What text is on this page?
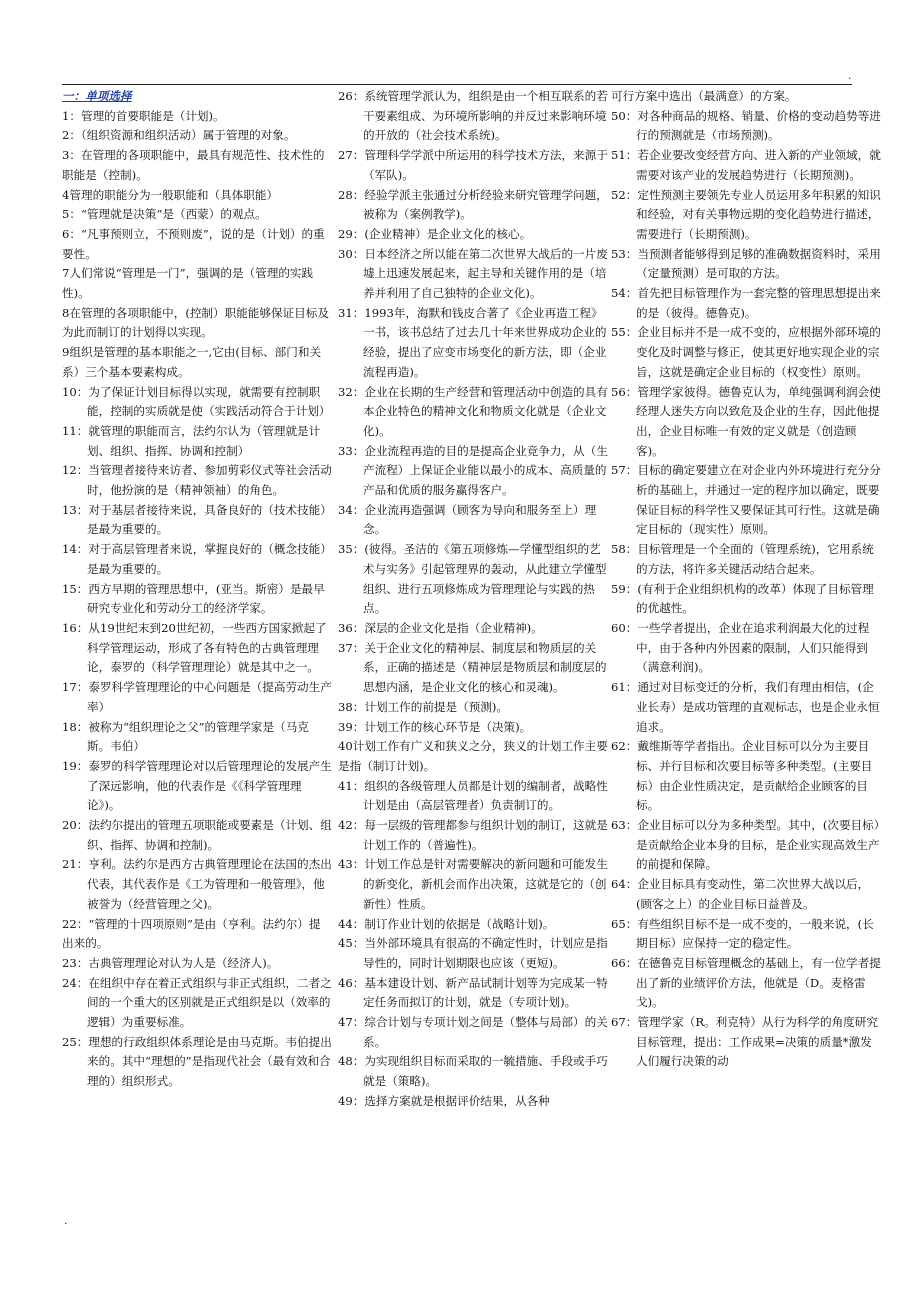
.
一：单项选择

1：管理的首要职能是（计划)。

2：（组织资源和组织活动）属于管理的对象。

3：在管理的各项职能中，最具有规范性、技术性的职能是（控制)。

4管理的职能分为一般职能和（具体职能）

5：“管理就是决策”是（西蒙）的观点。

6：“凡事预则立，不预则废”，说的是（计划）的重要性。

7人们常说“管理是一门”，强调的是（管理的实践性)。

8在管理的各项职能中，(控制）职能能够保证目标及为此而制订的计划得以实现。

9组织是管理的基本职能之一,它由(目标、部门和关系）三个基本要素构成。

10：为了保证计划目标得以实现，就需要有控制职能，控制的实质就是使（实践活动符合于计划）

11：就管理的职能而言，法约尔认为（管理就是计划、组织、指挥、协调和控制）

12：当管理者接待来访者、参加剪彩仪式等社会活动时，他扮演的是（精神领袖）的角色。

13：对于基层者接待来说，具备良好的（技术技能）是最为重要的。

14：对于高层管理者来说，掌握良好的（概念技能）是最为重要的。

15：西方早期的管理思想中，(亚当。斯密）是最早研究专业化和劳动分工的经济学家。

16：从19世纪末到20世纪初，一些西方国家掀起了科学管理运动，形成了各有特色的古典管理理论，泰罗的（科学管理理论）就是其中之一。

17：泰罗科学管理理论的中心问题是（提高劳动生产率）

18：被称为“组织理论之父”的管理学家是（马克斯。韦伯）

19：泰罗的科学管理理论对以后管理理论的发展产生了深远影响，他的代表作是《《科学管理理论》)。

20：法约尔提出的管理五项职能或要素是（计划、组织、指挥、协调和控制)。

21：亨利。法约尔是西方古典管理理论在法国的杰出代表，其代表作是《工为管理和一般管理》，他被誉为（经营管理之父)。

22：“管理的十四项原则”是由（亨利。法约尔）提出来的。

23：古典管理理论对认为人是（经济人)。

24：在组织中存在着正式组织与非正式组织，二者之间的一个重大的区别就是正式组织是以（效率的逻辑）为重要标准。

25：理想的行政组织体系理论是由马克斯。韦伯提出来的。其中“理想的”是指现代社会（最有效和合理的）组织形式。

26：系统管理学派认为，组织是由一个相互联系的若干要素组成、为环境所影响的并反过来影响环境的开放的（社会技术系统)。

27：管理科学学派中所运用的科学技术方法，来源于（军队)。

28：经验学派主张通过分析经验来研究管理学问题，被称为（案例教学)。

29：(企业精神）是企业文化的核心。

30：日本经济之所以能在第二次世界大战后的一片废墟上迅速发展起来，起主导和关键作用的是（培养并利用了自己独特的企业文化)。

31：1993年，海默和钱皮合著了《企业再造工程》一书，该书总结了过去几十年来世界成功企业的经验，提出了应变市场变化的新方法，即（企业流程再造)。

32：企业在长期的生产经营和管理活动中创造的具有本企业特色的精神文化和物质文化就是（企业文化)。

33：企业流程再造的目的是提高企业竞争力，从（生产流程）上保证企业能以最小的成本、高质量的产品和优质的服务赢得客户。

34：企业流再造强调（顾客为导向和服务至上）理念。

35：(彼得。圣洁的《第五项修炼—学懂型组织的艺术与实务》引起管理界的轰动，从此建立学懂型组织、进行五项修炼成为管理理论与实践的热点。

36：深层的企业文化是指（企业精神)。

37：关于企业文化的精神层、制度层和物质层的关系，正确的描述是（精神层是物质层和制度层的思想内涵，是企业文化的核心和灵魂)。

38：计划工作的前提是（预测)。

39：计划工作的核心环节是（决策)。

40计划工作有广义和狭义之分，狭义的计划工作主要是指（制订计划)。

41：组织的各级管理人员都是计划的编制者，战略性计划是由（高层管理者）负责制订的。

42：每一层级的管理都参与组织计划的制订，这就是计划工作的（普遍性)。

43：计划工作总是针对需要解决的新问题和可能发生的新变化，新机会而作出决策，这就是它的（创新性）性质。

44：制订作业计划的依据是（战略计划)。

45：当外部环境具有很高的不确定性时，计划应是指导性的，同时计划期限也应该（更短)。

46：基本建设计划、新产品试制计划等为完成某一特定任务而拟订的计划，就是（专项计划)。

47：综合计划与专项计划之间是（整体与局部）的关系。

48：为实现组织目标而采取的一毓措施、手段或手巧就是（策略)。

49：选择方案就是根据评价结果，从各种

可行方案中选出（最满意）的方案。

50：对各种商品的规格、销量、价格的变动趋势等进行的预测就是（市场预测)。

51：若企业要改变经营方向、进入新的产业领域，就需要对该产业的发展趋势进行（长期预测)。

52：定性预测主要领先专业人员运用多年积累的知识和经验，对有关事物远期的变化趋势进行描述，需要进行（长期预测)。

53：当预测者能够得到足够的准确数据资料时，采用（定量预测）是可取的方法。

54：首先把目标管理作为一套完整的管理思想提出来的是（彼得。德鲁克)。

55：企业目标并不是一成不变的，应根据外部环境的变化及时调整与修正，使其更好地实现企业的宗旨，这就是确定企业目标的（权变性）原则。

56：管理学家彼得。德鲁克认为，单纯强调利润会使经理人迷失方向以致危及企业的生存，因此他提出，企业目标唯一有效的定义就是（创造顾客)。

57：目标的确定要建立在对企业内外环境进行充分分析的基础上，并通过一定的程序加以确定，既要保证目标的科学性又要保证其可行性。这就是确定目标的（现实性）原则。

58：目标管理是一个全面的（管理系统)，它用系统的方法，将许多关键活动结合起来。

59：(有利于企业组织机构的改革）体现了目标管理的优越性。

60：一些学者提出，企业在追求利润最大化的过程中，由于各种内外因素的限制，人们只能得到（满意利润)。

61：通过对目标变迁的分析，我们有理由相信，(企业长寿）是成功管理的直观标志，也是企业永恒追求。

62：戴维斯等学者指出。企业目标可以分为主要目标、并行目标和次要目标等多种类型。(主要目标）由企业性质决定，是贡献给企业顾客的目标。

63：企业目标可以分为多种类型。其中，(次要目标）是贡献给企业本身的目标，是企业实现高效生产的前提和保障。

64：企业目标具有变动性，第二次世界大战以后，(顾客之上）的企业目标日益普及。

65：有些组织目标不是一成不变的，一般来说，(长期目标）应保持一定的稳定性。

66：在德鲁克目标管理概念的基础上，有一位学者提出了新的业绩评价方法，他就是（D。麦格雷戈)。

67：管理学家（R。利克特）从行为科学的角度研究目标管理，提出：工作成果=决策的质量*激发人们履行决策的动

.
